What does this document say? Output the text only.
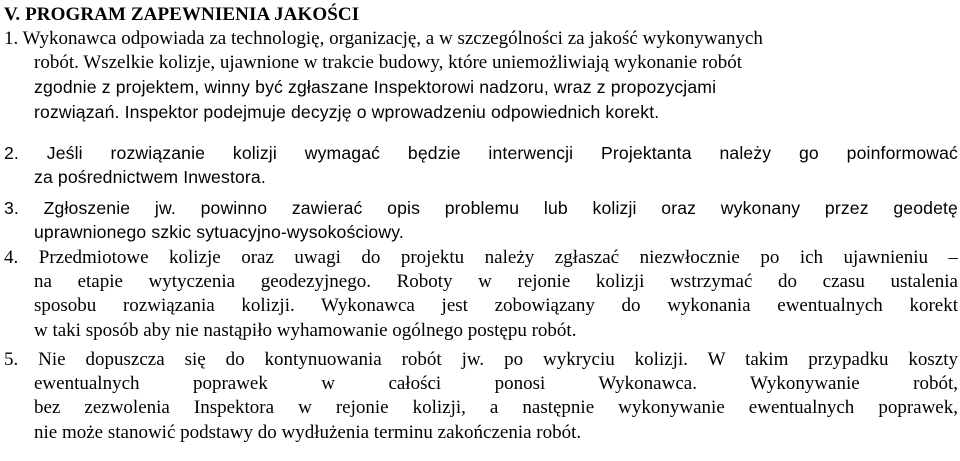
V. PROGRAM ZAPEWNIENIA JAKOŚCI
1. Wykonawca odpowiada za technologię, organizację, a w szczególności za jakość wykonywanych
robót. Wszelkie kolizje, ujawnione w trakcie budowy, które uniemożliwiają wykonanie robót
zgodnie z projektem, winny być zgłaszane Inspektorowi nadzoru, wraz z propozycjami
rozwiązań. Inspektor podejmuje decyzję o wprowadzeniu odpowiednich korekt.
2. Jeśli rozwiązanie kolizji wymagać będzie interwencji Projektanta należy go poinformować
za pośrednictwem Inwestora.
3. Zgłoszenie jw. powinno zawierać opis problemu lub kolizji oraz wykonany przez geodetę
uprawnionego szkic sytuacyjno-wysokościowy.
4. Przedmiotowe kolizje oraz uwagi do projektu należy zgłaszać niezwłocznie po ich ujawnieniu –
na etapie wytyczenia geodezyjnego. Roboty w rejonie kolizji wstrzymać do czasu ustalenia
sposobu rozwiązania kolizji. Wykonawca jest zobowiązany do wykonania ewentualnych korekt
w taki sposób aby nie nastąpiło wyhamowanie ogólnego postępu robót.
5. Nie dopuszcza się do kontynuowania robót jw. po wykryciu kolizji. W takim przypadku koszty
ewentualnych poprawek w całości ponosi Wykonawca. Wykonywanie robót,
bez zezwolenia Inspektora w rejonie kolizji, a następnie wykonywanie ewentualnych poprawek,
nie może stanowić podstawy do wydłużenia terminu zakończenia robót.
